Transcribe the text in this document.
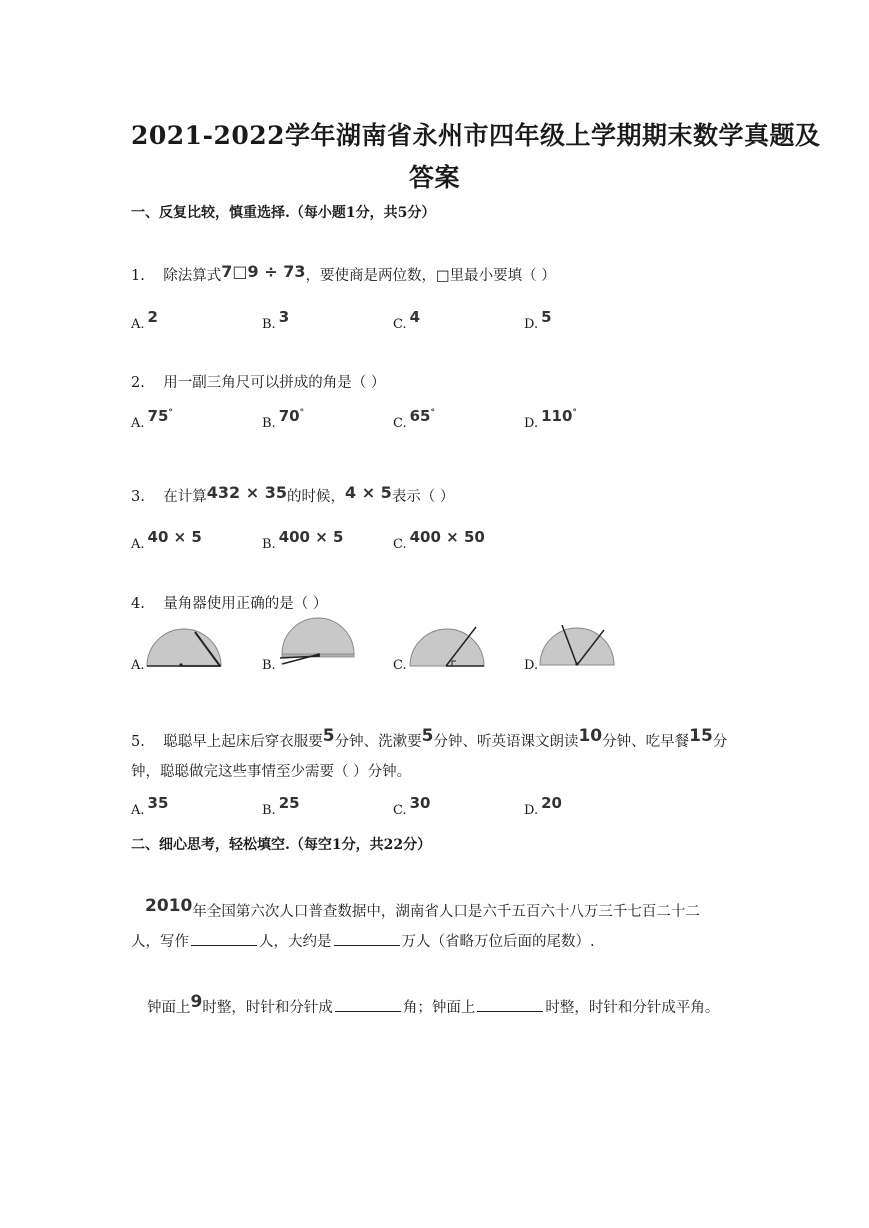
2021-2022学年湖南省永州市四年级上学期期末数学真题及
答案
一、反复比较，慎重选择.（每小题1分，共5分）
1. 除法算式7□9 ÷ 73，要使商是两位数，□里最小要填（ ）
A. 2	B. 3	C. 4	D. 5
2. 用一副三角尺可以拼成的角是（ ）
A. 75°
B. 70°
C. 65°
D. 110°
3. 在计算432 × 35的时候，4 × 5表示（ ）
A. 40 × 5	B. 400 × 5	C. 400 × 50
4. 量角器使用正确的是（ ）
A.	B.	C.	D.
5. 聪聪早上起床后穿衣服要5分钟、洗漱要5分钟、听英语课文朗读10分钟、吃早餐15分
钟，聪聪做完这些事情至少需要（ ）分钟。
A. 35	B. 25	C. 30	D. 20
二、细心思考，轻松填空.（每空1分，共22分）
2010年全国第六次人口普查数据中，湖南省人口是六千五百六十八万三千七百二十二
人，写作	人，大约是	万人（省略万位后面的尾数）.
钟面上9时整，时针和分针成	角；钟面上	时整，时针和分针成平角。
